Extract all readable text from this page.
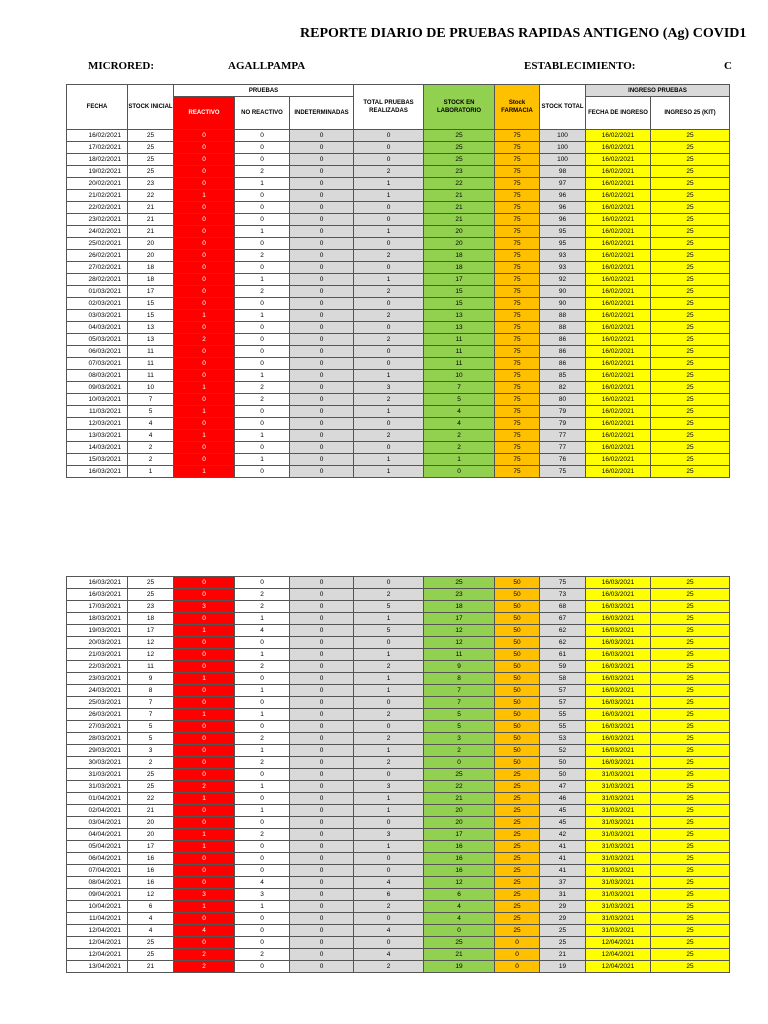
REPORTE DIARIO DE PRUEBAS RAPIDAS ANTIGENO (Ag) COVID1
MICRORED:	AGALLPAMPA	ESTABLECIMIENTO:	C
FECHA	STOCK INICIAL	PRUEBAS			TOTAL PRUEBAS REALIZADAS	STOCK EN LABORATORIO	Stock FARMACIA	STOCK TOTAL	INGRESO PRUEBAS	
		REACTIVO	NO REACTIVO	INDETERMINADAS					FECHA DE INGRESO	INGRESO 25 (KIT)
16/02/2021	25	0	0	0	0	25	75	100	16/02/2021	25
17/02/2021	25	0	0	0	0	25	75	100	16/02/2021	25
18/02/2021	25	0	0	0	0	25	75	100	16/02/2021	25
19/02/2021	25	0	2	0	2	23	75	98	16/02/2021	25
20/02/2021	23	0	1	0	1	22	75	97	16/02/2021	25
21/02/2021	22	1	0	0	1	21	75	96	16/02/2021	25
22/02/2021	21	0	0	0	0	21	75	96	16/02/2021	25
23/02/2021	21	0	0	0	0	21	75	96	16/02/2021	25
24/02/2021	21	0	1	0	1	20	75	95	16/02/2021	25
25/02/2021	20	0	0	0	0	20	75	95	16/02/2021	25
26/02/2021	20	0	2	0	2	18	75	93	16/02/2021	25
27/02/2021	18	0	0	0	0	18	75	93	16/02/2021	25
28/02/2021	18	0	1	0	1	17	75	92	16/02/2021	25
01/03/2021	17	0	2	0	2	15	75	90	16/02/2021	25
02/03/2021	15	0	0	0	0	15	75	90	16/02/2021	25
03/03/2021	15	1	1	0	2	13	75	88	16/02/2021	25
04/03/2021	13	0	0	0	0	13	75	88	16/02/2021	25
05/03/2021	13	2	0	0	2	11	75	86	16/02/2021	25
06/03/2021	11	0	0	0	0	11	75	86	16/02/2021	25
07/03/2021	11	0	0	0	0	11	75	86	16/02/2021	25
08/03/2021	11	0	1	0	1	10	75	85	16/02/2021	25
09/03/2021	10	1	2	0	3	7	75	82	16/02/2021	25
10/03/2021	7	0	2	0	2	5	75	80	16/02/2021	25
11/03/2021	5	1	0	0	1	4	75	79	16/02/2021	25
12/03/2021	4	0	0	0	0	4	75	79	16/02/2021	25
13/03/2021	4	1	1	0	2	2	75	77	16/02/2021	25
14/03/2021	2	0	0	0	0	2	75	77	16/02/2021	25
15/03/2021	2	0	1	0	1	1	75	76	16/02/2021	25
16/03/2021	1	1	0	0	1	0	75	75	16/02/2021	25
16/03/2021	25	0	0	0	0	25	50	75	16/03/2021	25
16/03/2021	25	0	2	0	2	23	50	73	16/03/2021	25
17/03/2021	23	3	2	0	5	18	50	68	16/03/2021	25
18/03/2021	18	0	1	0	1	17	50	67	16/03/2021	25
19/03/2021	17	1	4	0	5	12	50	62	16/03/2021	25
20/03/2021	12	0	0	0	0	12	50	62	16/03/2021	25
21/03/2021	12	0	1	0	1	11	50	61	16/03/2021	25
22/03/2021	11	0	2	0	2	9	50	59	16/03/2021	25
23/03/2021	9	1	0	0	1	8	50	58	16/03/2021	25
24/03/2021	8	0	1	0	1	7	50	57	16/03/2021	25
25/03/2021	7	0	0	0	0	7	50	57	16/03/2021	25
26/03/2021	7	1	1	0	2	5	50	55	16/03/2021	25
27/03/2021	5	0	0	0	0	5	50	55	16/03/2021	25
28/03/2021	5	0	2	0	2	3	50	53	16/03/2021	25
29/03/2021	3	0	1	0	1	2	50	52	16/03/2021	25
30/03/2021	2	0	2	0	2	0	50	50	16/03/2021	25
31/03/2021	25	0	0	0	0	25	25	50	31/03/2021	25
31/03/2021	25	2	1	0	3	22	25	47	31/03/2021	25
01/04/2021	22	1	0	0	1	21	25	46	31/03/2021	25
02/04/2021	21	0	1	0	1	20	25	45	31/03/2021	25
03/04/2021	20	0	0	0	0	20	25	45	31/03/2021	25
04/04/2021	20	1	2	0	3	17	25	42	31/03/2021	25
05/04/2021	17	1	0	0	1	16	25	41	31/03/2021	25
06/04/2021	16	0	0	0	0	16	25	41	31/03/2021	25
07/04/2021	16	0	0	0	0	16	25	41	31/03/2021	25
08/04/2021	16	0	4	0	4	12	25	37	31/03/2021	25
09/04/2021	12	3	3	0	6	6	25	31	31/03/2021	25
10/04/2021	6	1	1	0	2	4	25	29	31/03/2021	25
11/04/2021	4	0	0	0	0	4	25	29	31/03/2021	25
12/04/2021	4	4	0	0	4	0	25	25	31/03/2021	25
12/04/2021	25	0	0	0	0	25	0	25	12/04/2021	25
12/04/2021	25	2	2	0	4	21	0	21	12/04/2021	25
13/04/2021	21	2	0	0	2	19	0	19	12/04/2021	25
